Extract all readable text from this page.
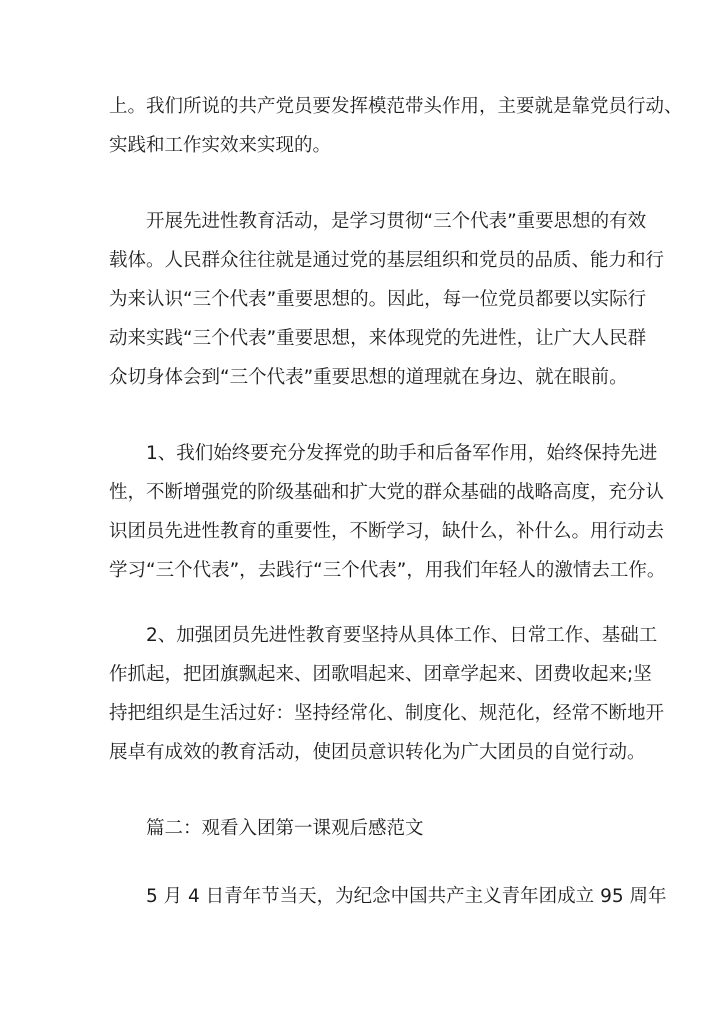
上。我们所说的共产党员要发挥模范带头作用，主要就是靠党员行动、
实践和工作实效来实现的。
开展先进性教育活动，是学习贯彻“三个代表”重要思想的有效
载体。人民群众往往就是通过党的基层组织和党员的品质、能力和行
为来认识“三个代表”重要思想的。因此，每一位党员都要以实际行
动来实践“三个代表”重要思想，来体现党的先进性，让广大人民群
众切身体会到“三个代表”重要思想的道理就在身边、就在眼前。
1、我们始终要充分发挥党的助手和后备军作用，始终保持先进
性，不断增强党的阶级基础和扩大党的群众基础的战略高度，充分认
识团员先进性教育的重要性，不断学习，缺什么，补什么。用行动去
学习“三个代表”，去践行“三个代表”，用我们年轻人的激情去工作。
2、加强团员先进性教育要坚持从具体工作、日常工作、基础工
作抓起，把团旗飘起来、团歌唱起来、团章学起来、团费收起来;坚
持把组织是生活过好：坚持经常化、制度化、规范化，经常不断地开
展卓有成效的教育活动，使团员意识转化为广大团员的自觉行动。
篇二：观看入团第一课观后感范文
5 月 4 日青年节当天，为纪念中国共产主义青年团成立 95 周年
